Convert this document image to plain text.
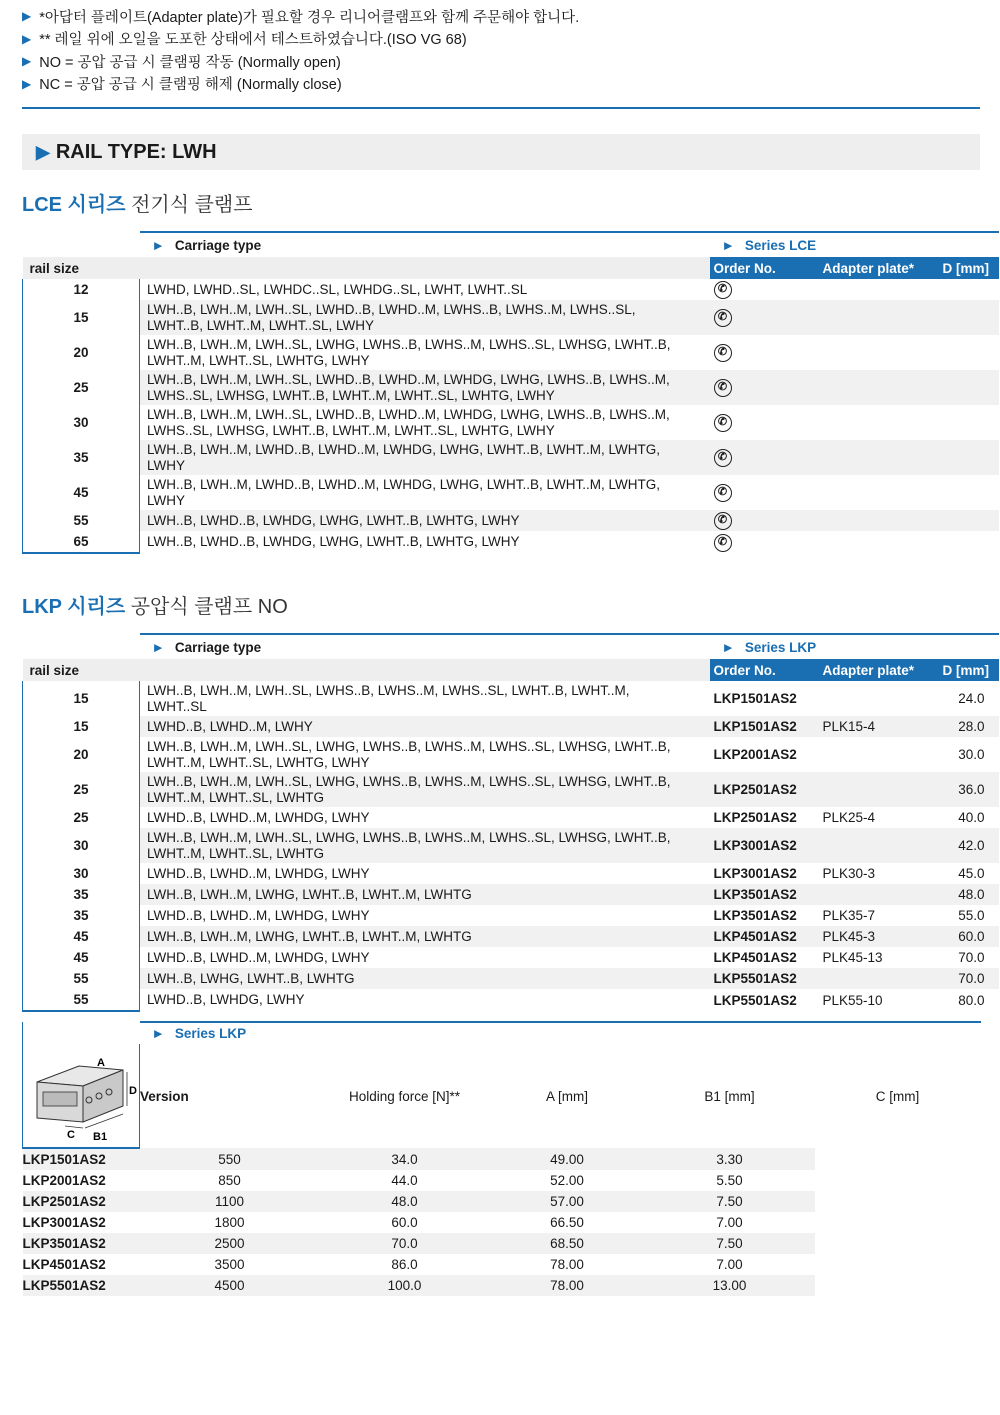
▶ *아답터 플레이트(Adapter plate)가 필요할 경우 리니어클램프와 함께 주문해야 합니다.
▶ ** 레일 위에 오일을 도포한 상태에서 테스트하였습니다.(ISO VG 68)
▶ NO = 공압 공급 시 클램핑 작동 (Normally open)
▶ NC = 공압 공급 시 클램핑 해제 (Normally close)
▶ RAIL TYPE: LWH
LCE 시리즈 전기식 클램프
	► Carriage type		► Series LCE		
rail size			Order No.	Adapter plate*	D [mm]
12	LWHD, LWHD..SL, LWHDC..SL, LWHDG..SL, LWHT, LWHT..SL		✆		
15	LWH..B, LWH..M, LWH..SL, LWHD..B, LWHD..M, LWHS..B, LWHS..M, LWHS..SL, LWHT..B, LWHT..M, LWHT..SL, LWHY		✆		
20	LWH..B, LWH..M, LWH..SL, LWHG, LWHS..B, LWHS..M, LWHS..SL, LWHSG, LWHT..B, LWHT..M, LWHT..SL, LWHTG, LWHY		✆		
25	LWH..B, LWH..M, LWH..SL, LWHD..B, LWHD..M, LWHDG, LWHG, LWHS..B, LWHS..M, LWHS..SL, LWHSG, LWHT..B, LWHT..M, LWHT..SL, LWHTG, LWHY		✆		
30	LWH..B, LWH..M, LWH..SL, LWHD..B, LWHD..M, LWHDG, LWHG, LWHS..B, LWHS..M, LWHS..SL, LWHSG, LWHT..B, LWHT..M, LWHT..SL, LWHTG, LWHY		✆		
35	LWH..B, LWH..M, LWHD..B, LWHD..M, LWHDG, LWHG, LWHT..B, LWHT..M, LWHTG, LWHY		✆		
45	LWH..B, LWH..M, LWHD..B, LWHD..M, LWHDG, LWHG, LWHT..B, LWHT..M, LWHTG, LWHY		✆		
55	LWH..B, LWHD..B, LWHDG, LWHG, LWHT..B, LWHTG, LWHY		✆		
65	LWH..B, LWHD..B, LWHDG, LWHG, LWHT..B, LWHTG, LWHY		✆		
LKP 시리즈 공압식 클램프 NO
	► Carriage type		► Series LKP		
rail size			Order No.	Adapter plate*	D [mm]
15	LWH..B, LWH..M, LWH..SL, LWHS..B, LWHS..M, LWHS..SL, LWHT..B, LWHT..M, LWHT..SL		LKP1501AS2		24.0
15	LWHD..B, LWHD..M, LWHY		LKP1501AS2	PLK15-4	28.0
20	LWH..B, LWH..M, LWH..SL, LWHG, LWHS..B, LWHS..M, LWHS..SL, LWHSG, LWHT..B, LWHT..M, LWHT..SL, LWHTG, LWHY		LKP2001AS2		30.0
25	LWH..B, LWH..M, LWH..SL, LWHG, LWHS..B, LWHS..M, LWHS..SL, LWHSG, LWHT..B, LWHT..M, LWHT..SL, LWHTG		LKP2501AS2		36.0
25	LWHD..B, LWHD..M, LWHDG, LWHY		LKP2501AS2	PLK25-4	40.0
30	LWH..B, LWH..M, LWH..SL, LWHG, LWHS..B, LWHS..M, LWHS..SL, LWHSG, LWHT..B, LWHT..M, LWHT..SL, LWHTG		LKP3001AS2		42.0
30	LWHD..B, LWHD..M, LWHDG, LWHY		LKP3001AS2	PLK30-3	45.0
35	LWH..B, LWH..M, LWHG, LWHT..B, LWHT..M, LWHTG		LKP3501AS2		48.0
35	LWHD..B, LWHD..M, LWHDG, LWHY		LKP3501AS2	PLK35-7	55.0
45	LWH..B, LWH..M, LWHG, LWHT..B, LWHT..M, LWHTG		LKP4501AS2	PLK45-3	60.0
45	LWHD..B, LWHD..M, LWHDG, LWHY		LKP4501AS2	PLK45-13	70.0
55	LWH..B, LWHG, LWHT..B, LWHTG		LKP5501AS2		70.0
55	LWHD..B, LWHDG, LWHY		LKP5501AS2	PLK55-10	80.0
	► Series LKP				

A
D
C B1	Version	Holding force [N]**	A [mm]	B1 [mm]	C [mm]
LKP1501AS2	550	34.0	49.00	3.30	
LKP2001AS2	850	44.0	52.00	5.50	
LKP2501AS2	1100	48.0	57.00	7.50	
LKP3001AS2	1800	60.0	66.50	7.00	
LKP3501AS2	2500	70.0	68.50	7.50	
LKP4501AS2	3500	86.0	78.00	7.00	
LKP5501AS2	4500	100.0	78.00	13.00	
